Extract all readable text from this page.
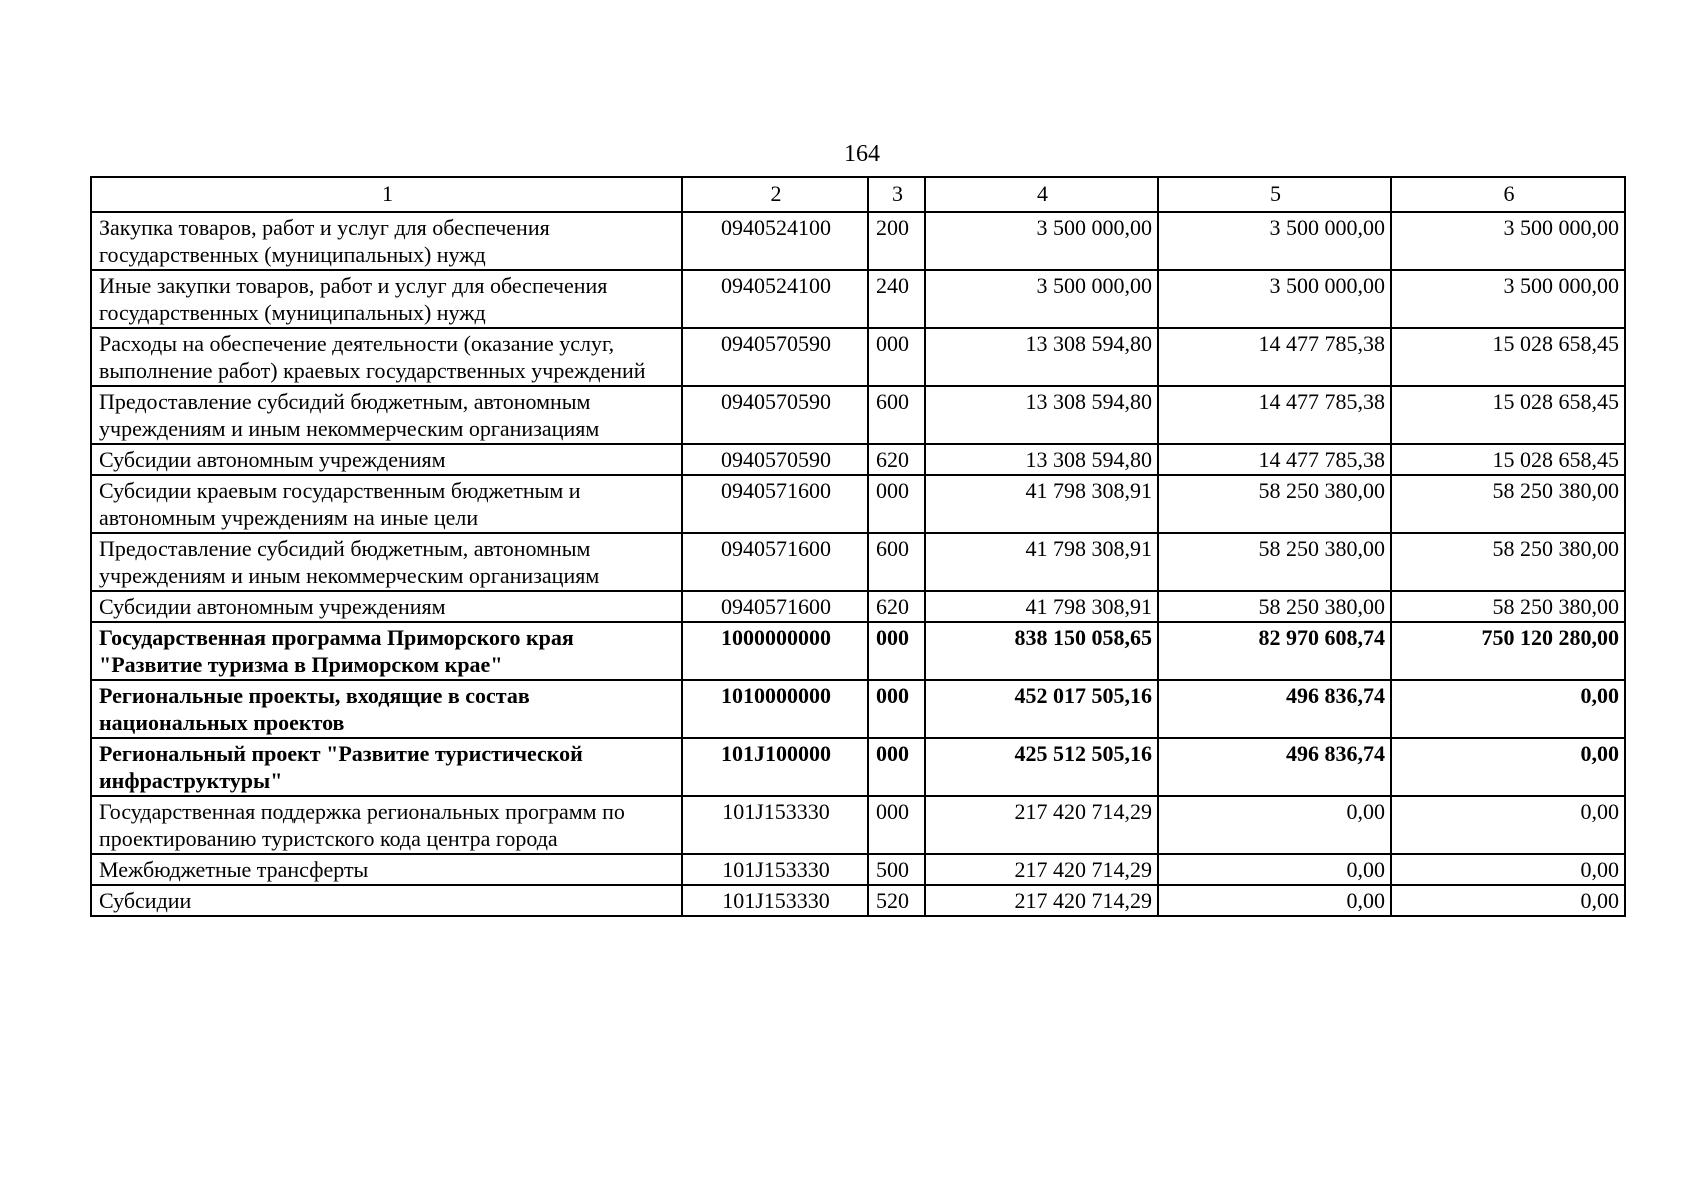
164
1	2	3	4	5	6
Закупка товаров, работ и услуг для обеспечения государственных (муниципальных) нужд	0940524100	200	3 500 000,00	3 500 000,00	3 500 000,00
Иные закупки товаров, работ и услуг для обеспечения государственных (муниципальных) нужд	0940524100	240	3 500 000,00	3 500 000,00	3 500 000,00
Расходы на обеспечение деятельности (оказание услуг, выполнение работ) краевых государственных учреждений	0940570590	000	13 308 594,80	14 477 785,38	15 028 658,45
Предоставление субсидий бюджетным, автономным учреждениям и иным некоммерческим организациям	0940570590	600	13 308 594,80	14 477 785,38	15 028 658,45
Субсидии автономным учреждениям	0940570590	620	13 308 594,80	14 477 785,38	15 028 658,45
Субсидии краевым государственным бюджетным и автономным учреждениям на иные цели	0940571600	000	41 798 308,91	58 250 380,00	58 250 380,00
Предоставление субсидий бюджетным, автономным учреждениям и иным некоммерческим организациям	0940571600	600	41 798 308,91	58 250 380,00	58 250 380,00
Субсидии автономным учреждениям	0940571600	620	41 798 308,91	58 250 380,00	58 250 380,00
Государственная программа Приморского края "Развитие туризма в Приморском крае"	1000000000	000	838 150 058,65	82 970 608,74	750 120 280,00
Региональные проекты, входящие в состав национальных проектов	1010000000	000	452 017 505,16	496 836,74	0,00
Региональный проект "Развитие туристической инфраструктуры"	101J100000	000	425 512 505,16	496 836,74	0,00
Государственная поддержка региональных программ по проектированию туристского кода центра города	101J153330	000	217 420 714,29	0,00	0,00
Межбюджетные трансферты	101J153330	500	217 420 714,29	0,00	0,00
Субсидии	101J153330	520	217 420 714,29	0,00	0,00
